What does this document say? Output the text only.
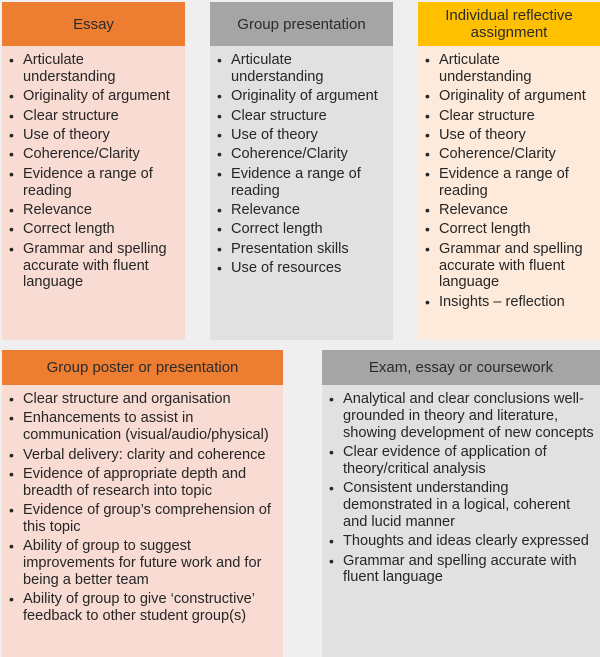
Essay
• Articulate understanding
• Originality of argument
• Clear structure
• Use of theory
• Coherence/Clarity
• Evidence a range of reading
• Relevance
• Correct length
• Grammar and spelling accurate with fluent language
Group presentation
• Articulate understanding
• Originality of argument
• Clear structure
• Use of theory
• Coherence/Clarity
• Evidence a range of reading
• Relevance
• Correct length
• Presentation skills
• Use of resources
Individual reflective assignment
• Articulate understanding
• Originality of argument
• Clear structure
• Use of theory
• Coherence/Clarity
• Evidence a range of reading
• Relevance
• Correct length
• Grammar and spelling accurate with fluent language
• Insights – reflection
Group poster or presentation
• Clear structure and organisation
• Enhancements to assist in communication (visual/audio/physical)
• Verbal delivery: clarity and coherence
• Evidence of appropriate depth and breadth of research into topic
• Evidence of group’s comprehension of this topic
• Ability of group to suggest improvements for future work and for being a better team
• Ability of group to give ‘constructive’ feedback to other student group(s)
Exam, essay or coursework
• Analytical and clear conclusions well-grounded in theory and literature, showing development of new concepts
• Clear evidence of application of theory/critical analysis
• Consistent understanding demonstrated in a logical, coherent and lucid manner
• Thoughts and ideas clearly expressed
• Grammar and spelling accurate with fluent language
